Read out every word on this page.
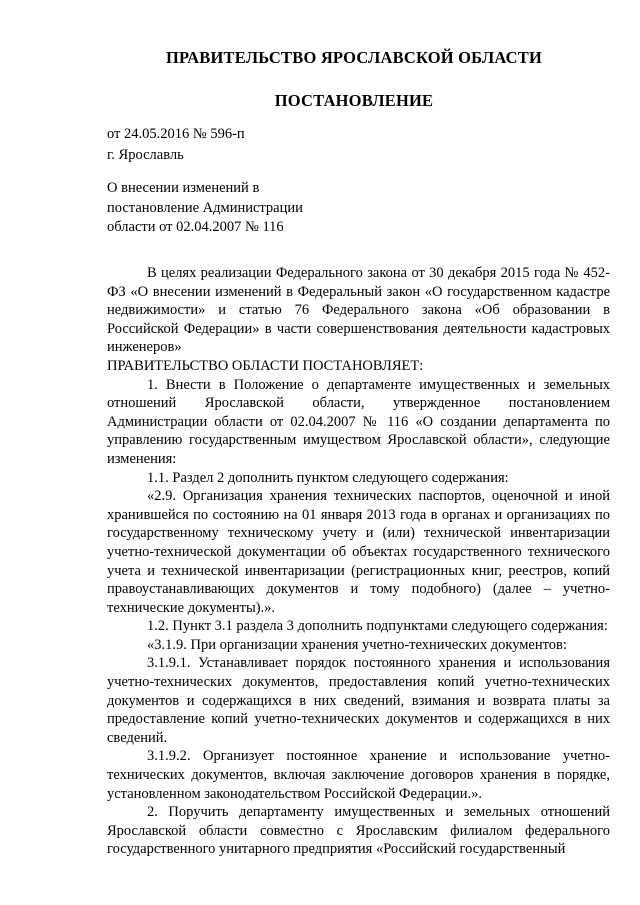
ПРАВИТЕЛЬСТВО ЯРОСЛАВСКОЙ ОБЛАСТИ
ПОСТАНОВЛЕНИЕ
от 24.05.2016 № 596-п
г. Ярославль
О внесении изменений в
постановление Администрации
области от 02.04.2007 № 116

В целях реализации Федерального закона от 30 декабря 2015 года № 452-ФЗ «О внесении изменений в Федеральный закон «О государственном кадастре недвижимости» и статью 76 Федерального закона «Об образовании в Российской Федерации» в части совершенствования деятельности кадастровых инженеров»

ПРАВИТЕЛЬСТВО ОБЛАСТИ ПОСТАНОВЛЯЕТ:

1. Внести в Положение о департаменте имущественных и земельных отношений Ярославской области, утвержденное постановлением Администрации области от 02.04.2007 № 116 «О создании департамента по управлению государственным имуществом Ярославской области», следующие изменения:

1.1. Раздел 2 дополнить пунктом следующего содержания:

«2.9. Организация хранения технических паспортов, оценочной и иной хранившейся по состоянию на 01 января 2013 года в органах и организациях по государственному техническому учету и (или) технической инвентаризации учетно-технической документации об объектах государственного технического учета и технической инвентаризации (регистрационных книг, реестров, копий правоустанавливающих документов и тому подобного) (далее – учетно-технические документы).».

1.2. Пункт 3.1 раздела 3 дополнить подпунктами следующего содержания:

«3.1.9. При организации хранения учетно-технических документов:

3.1.9.1. Устанавливает порядок постоянного хранения и использования учетно-технических документов, предоставления копий учетно-технических документов и содержащихся в них сведений, взимания и возврата платы за предоставление копий учетно-технических документов и содержащихся в них сведений.

3.1.9.2. Организует постоянное хранение и использование учетно-технических документов, включая заключение договоров хранения в порядке, установленном законодательством Российской Федерации.».

2. Поручить департаменту имущественных и земельных отношений Ярославской области совместно с Ярославским филиалом федерального государственного унитарного предприятия «Российский государственный
